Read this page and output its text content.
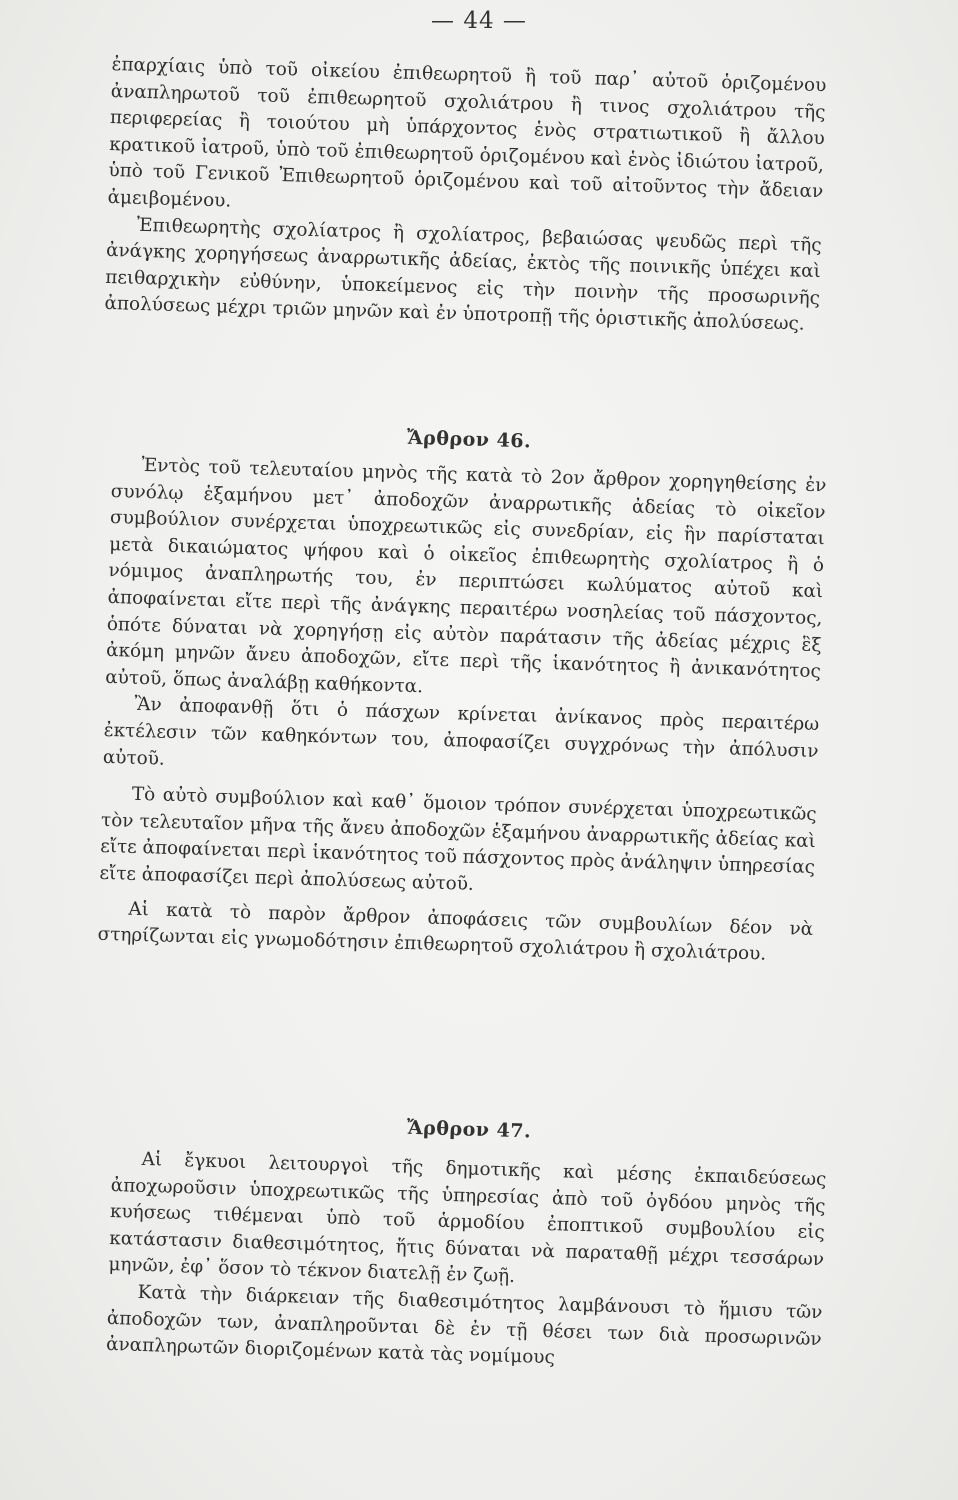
— 44 —

ἐπαρχίαις ὑπὸ τοῦ οἰκείου ἐπιθεωρητοῦ ἢ τοῦ παρ᾽ αὐτοῦ ὁριζομένου ἀναπληρωτοῦ τοῦ ἐπιθεωρητοῦ σχολιάτρου ἢ τινος σχολιάτρου τῆς περιφερείας ἢ τοιούτου μὴ ὑπάρχοντος ἑνὸς στρατιωτικοῦ ἢ ἄλλου κρατικοῦ ἰατροῦ, ὑπὸ τοῦ ἐπιθεωρητοῦ ὁριζομένου καὶ ἑνὸς ἰδιώτου ἰατροῦ, ὑπὸ τοῦ Γενικοῦ Ἐπιθεωρητοῦ ὁριζομένου καὶ τοῦ αἰτοῦντος τὴν ἄδειαν ἀμειβομένου.

Ἐπιθεωρητὴς σχολίατρος ἢ σχολίατρος, βεβαιώσας ψευδῶς περὶ τῆς ἀνάγκης χορηγήσεως ἀναρρωτικῆς ἀδείας, ἐκτὸς τῆς ποινικῆς ὑπέχει καὶ πειθαρχικὴν εὐθύνην, ὑποκείμενος εἰς τὴν ποινὴν τῆς προσωρινῆς ἀπολύσεως μέχρι τριῶν μηνῶν καὶ ἐν ὑποτροπῇ τῆς ὁριστικῆς ἀπολύσεως.

Ἄρθρον 46.

Ἐντὸς τοῦ τελευταίου μηνὸς τῆς κατὰ τὸ 2ον ἄρθρον χορηγηθείσης ἐν συνόλῳ ἑξαμήνου μετ᾽ ἀποδοχῶν ἀναρρωτικῆς ἀδείας τὸ οἰκεῖον συμβούλιον συνέρχεται ὑποχρεωτικῶς εἰς συνεδρίαν, εἰς ἣν παρίσταται μετὰ δικαιώματος ψήφου καὶ ὁ οἰκεῖος ἐπιθεωρητὴς σχολίατρος ἢ ὁ νόμιμος ἀναπληρωτής του, ἐν περιπτώσει κωλύματος αὐτοῦ καὶ ἀποφαίνεται εἴτε περὶ τῆς ἀνάγκης περαιτέρω νοσηλείας τοῦ πάσχοντος, ὁπότε δύναται νὰ χορηγήσῃ εἰς αὐτὸν παράτασιν τῆς ἀδείας μέχρις ἓξ ἀκόμη μηνῶν ἄνευ ἀποδοχῶν, εἴτε περὶ τῆς ἱκανότητος ἢ ἀνικανότητος αὐτοῦ, ὅπως ἀναλάβῃ καθήκοντα.

Ἂν ἀποφανθῇ ὅτι ὁ πάσχων κρίνεται ἀνίκανος πρὸς περαιτέρω ἐκτέλεσιν τῶν καθηκόντων του, ἀποφασίζει συγχρόνως τὴν ἀπόλυσιν αὐτοῦ.

Τὸ αὐτὸ συμβούλιον καὶ καθ᾽ ὅμοιον τρόπον συνέρχεται ὑποχρεωτικῶς τὸν τελευταῖον μῆνα τῆς ἄνευ ἀποδοχῶν ἑξαμήνου ἀναρρωτικῆς ἀδείας καὶ εἴτε ἀποφαίνεται περὶ ἱκανότητος τοῦ πάσχοντος πρὸς ἀνάληψιν ὑπηρεσίας εἴτε ἀποφασίζει περὶ ἀπολύσεως αὐτοῦ.

Αἱ κατὰ τὸ παρὸν ἄρθρον ἀποφάσεις τῶν συμβουλίων δέον νὰ στηρίζωνται εἰς γνωμοδότησιν ἐπιθεωρητοῦ σχολιάτρου ἢ σχολιάτρου.

Ἄρθρον 47.

Αἱ ἔγκυοι λειτουργοὶ τῆς δημοτικῆς καὶ μέσης ἐκπαιδεύσεως ἀποχωροῦσιν ὑποχρεωτικῶς τῆς ὑπηρεσίας ἀπὸ τοῦ ὀγδόου μηνὸς τῆς κυήσεως τιθέμεναι ὑπὸ τοῦ ἁρμοδίου ἐποπτικοῦ συμβουλίου εἰς κατάστασιν διαθεσιμότητος, ἥτις δύναται νὰ παραταθῇ μέχρι τεσσάρων μηνῶν, ἐφ᾽ ὅσον τὸ τέκνον διατελῇ ἐν ζωῇ.

Κατὰ τὴν διάρκειαν τῆς διαθεσιμότητος λαμβάνουσι τὸ ἥμισυ τῶν ἀποδοχῶν των, ἀναπληροῦνται δὲ ἐν τῇ θέσει των διὰ προσωρινῶν ἀναπληρωτῶν διοριζομένων κατὰ τὰς νομίμους
